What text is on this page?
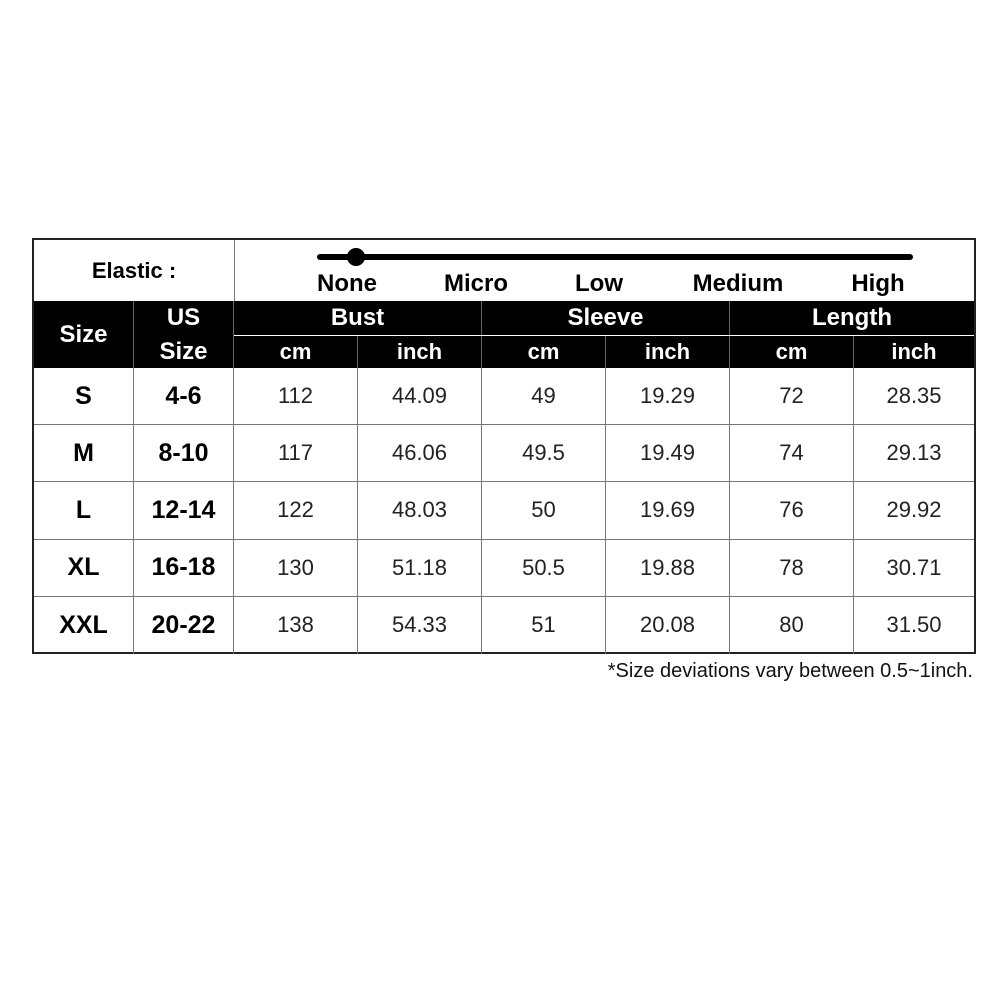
Elastic :	None	Micro	Low	Medium	High
Size
US
Size
Bust	Sleeve	Length
cm	inch	cm	inch	cm	inch
S	4-6	112	44.09	49	19.29	72	28.35
M	8-10	117	46.06	49.5	19.49	74	29.13
L	12-14	122	48.03	50	19.69	76	29.92
XL	16-18	130	51.18	50.5	19.88	78	30.71
XXL	20-22	138	54.33	51	20.08	80	31.50
*Size deviations vary between 0.5~1inch.
